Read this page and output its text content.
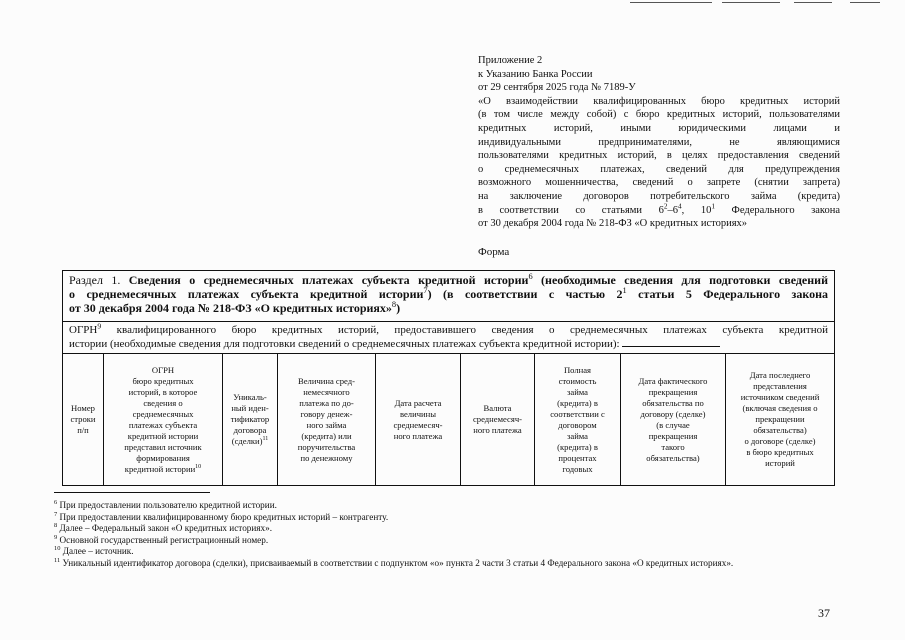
Приложение 2
к Указанию Банка России
от 29 сентября 2025 года № 7189-У
«О взаимодействии квалифицированных бюро кредитных историй
(в том числе между собой) с бюро кредитных историй, пользователями
кредитных историй, иными юридическими лицами и
индивидуальными предпринимателями, не являющимися
пользователями кредитных историй, в целях предоставления сведений
о среднемесячных платежах, сведений для предупреждения
возможного мошенничества, сведений о запрете (снятии запрета)
на заключение договоров потребительского займа (кредита)
в соответствии со статьями $6^2-6^4$, $10^1$ Федерального закона
от 30 декабря 2004 года № 218-ФЗ «О кредитных историях»
Форма
Раздел 1. Сведения о среднемесячных платежах субъекта кредитной истории$^6$ (необходимые сведения для подготовки сведений
о среднемесячных платежах субъекта кредитной истории$^7$) (в соответствии с частью $2^1$ статьи 5 Федерального закона
от 30 декабря 2004 года № 218-ФЗ «О кредитных историях»$^8$)
ОГРН$^9$ квалифицированного бюро кредитных историй, предоставившего сведения о среднемесячных платежах субъекта кредитной
истории (необходимые сведения для подготовки сведений о среднемесячных платежах субъекта кредитной истории):
Номер
строки
п/п
ОГРН
бюро кредитных
историй, в которое
сведения о
среднемесячных
платежах субъекта
кредитной истории
представил источник
формирования
кредитной истории$^{10}$
Уникаль-
ный иден-
тификатор
договора
(сделки)$^{11}$
Величина сред-
немесячного
платежа по до-
говору денеж-
ного займа
(кредита) или
поручительства
по денежному
Дата расчета
величины
среднемесяч-
ного платежа
Валюта
среднемесяч-
ного платежа
Полная
стоимость
займа
(кредита) в
соответствии с
договором
займа
(кредита) в
процентах
годовых
Дата фактического
прекращения
обязательства по
договору (сделке)
(в случае
прекращения
такого
обязательства)
Дата последнего
представления
источником сведений
(включая сведения о
прекращении
обязательства)
о договоре (сделке)
в бюро кредитных
историй
$^6$ При предоставлении пользователю кредитной истории.
$^7$ При предоставлении квалифицированному бюро кредитных историй – контрагенту.
$^8$ Далее – Федеральный закон «О кредитных историях».
$^9$ Основной государственный регистрационный номер.
$^{10}$ Далее – источник.
$^{11}$ Уникальный идентификатор договора (сделки), присваиваемый в соответствии с подпунктом «о» пункта 2 части 3 статьи 4 Федерального закона «О кредитных историях».
37
